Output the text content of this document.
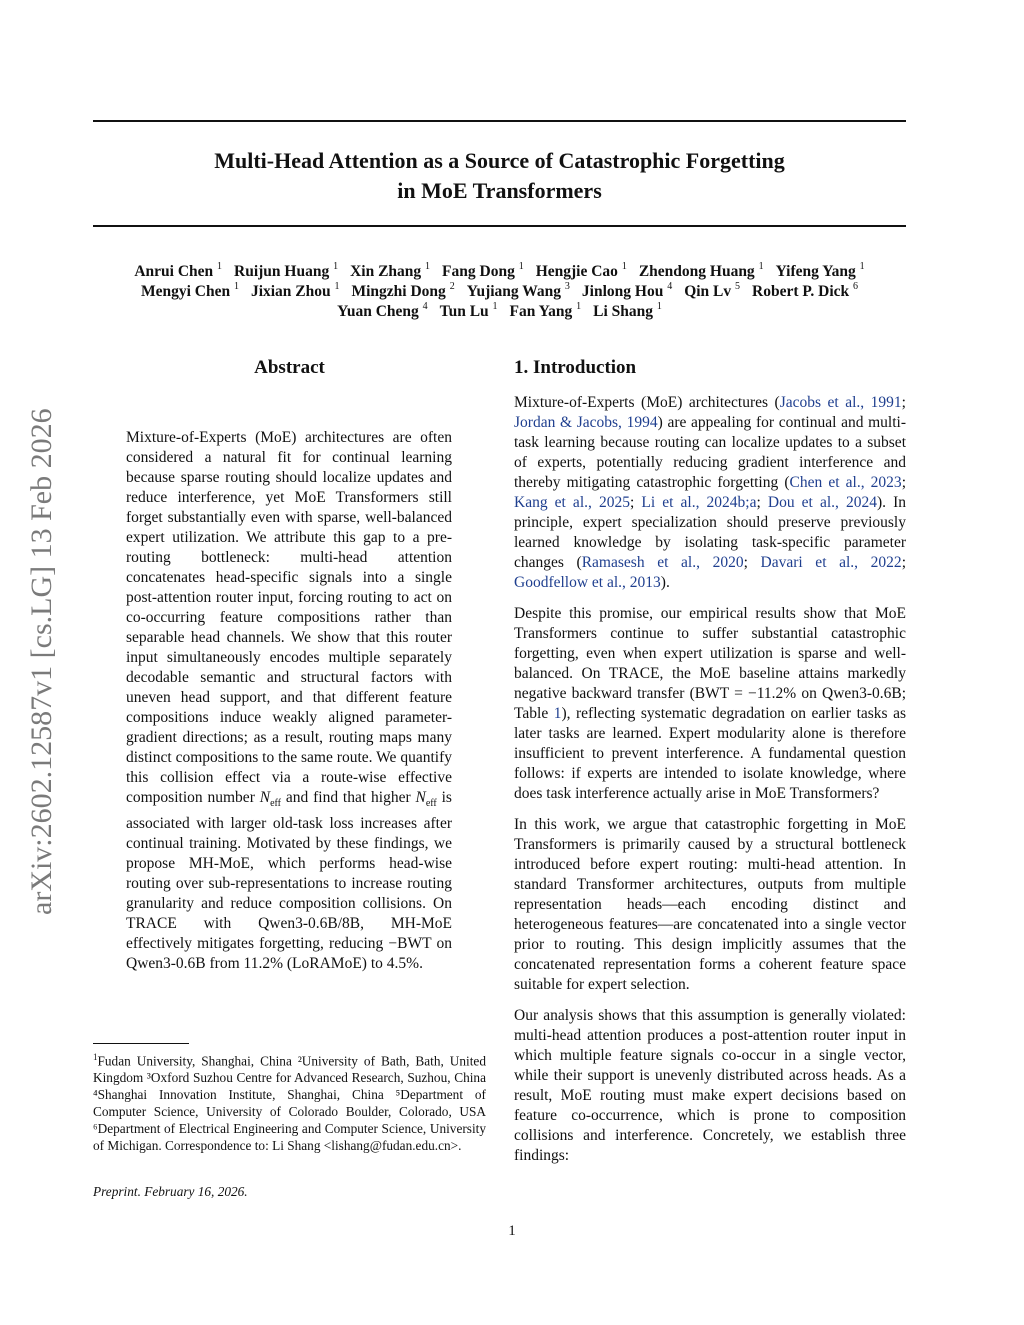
Multi-Head Attention as a Source of Catastrophic Forgetting
in MoE Transformers
Anrui Chen $^1$ Ruijun Huang $^1$ Xin Zhang $^1$ Fang Dong $^1$ Hengjie Cao $^1$ Zhendong Huang $^1$ Yifeng Yang $^1$
Mengyi Chen $^1$ Jixian Zhou $^1$ Mingzhi Dong $^2$ Yujiang Wang $^3$ Jinlong Hou $^4$ Qin Lv $^5$ Robert P. Dick $^6$
Yuan Cheng $^4$ Tun Lu $^1$ Fan Yang $^1$ Li Shang $^1$
arXiv:2602.12587v1 [cs.LG] 13 Feb 2026
Abstract
Mixture-of-Experts (MoE) architectures are often considered a natural fit for continual learning because sparse routing should localize updates and reduce interference, yet MoE Transformers still forget substantially even with sparse, well-balanced expert utilization. We attribute this gap to a pre-routing bottleneck: multi-head attention concatenates head-specific signals into a single post-attention router input, forcing routing to act on co-occurring feature compositions rather than separable head channels. We show that this router input simultaneously encodes multiple separately decodable semantic and structural factors with uneven head support, and that different feature compositions induce weakly aligned parameter-gradient directions; as a result, routing maps many distinct compositions to the same route. We quantify this collision effect via a route-wise effective composition number $N_{eff}$ and find that higher $N_{eff}$ is associated with larger old-task loss increases after continual training. Motivated by these findings, we propose MH-MoE, which performs head-wise routing over sub-representations to increase routing granularity and reduce composition collisions. On TRACE with Qwen3-0.6B/8B, MH-MoE effectively mitigates forgetting, reducing −BWT on Qwen3-0.6B from 11.2% (LoRAMoE) to 4.5%.
$^1$Fudan University, Shanghai, China ²University of Bath, Bath, United Kingdom ³Oxford Suzhou Centre for Advanced Research, Suzhou, China ⁴Shanghai Innovation Institute, Shanghai, China ⁵Department of Computer Science, University of Colorado Boulder, Colorado, USA ⁶Department of Electrical Engineering and Computer Science, University of Michigan. Correspondence to: Li Shang <lishang@fudan.edu.cn>.
Preprint. February 16, 2026.
1. Introduction

Mixture-of-Experts (MoE) architectures (Jacobs et al., 1991; Jordan & Jacobs, 1994) are appealing for continual and multi-task learning because routing can localize updates to a subset of experts, potentially reducing gradient interference and thereby mitigating catastrophic forgetting (Chen et al., 2023; Kang et al., 2025; Li et al., 2024b;a; Dou et al., 2024). In principle, expert specialization should preserve previously learned knowledge by isolating task-specific parameter changes (Ramasesh et al., 2020; Davari et al., 2022; Goodfellow et al., 2013).

Despite this promise, our empirical results show that MoE Transformers continue to suffer substantial catastrophic forgetting, even when expert utilization is sparse and well-balanced. On TRACE, the MoE baseline attains markedly negative backward transfer (BWT = −11.2% on Qwen3-0.6B; Table 1), reflecting systematic degradation on earlier tasks as later tasks are learned. Expert modularity alone is therefore insufficient to prevent interference. A fundamental question follows: if experts are intended to isolate knowledge, where does task interference actually arise in MoE Transformers?

In this work, we argue that catastrophic forgetting in MoE Transformers is primarily caused by a structural bottleneck introduced before expert routing: multi-head attention. In standard Transformer architectures, outputs from multiple representation heads—each encoding distinct and heterogeneous features—are concatenated into a single vector prior to routing. This design implicitly assumes that the concatenated representation forms a coherent feature space suitable for expert selection.

Our analysis shows that this assumption is generally violated: multi-head attention produces a post-attention router input in which multiple feature signals co-occur in a single vector, while their support is unevenly distributed across heads. As a result, MoE routing must make expert decisions based on feature co-occurrence, which is prone to composition collisions and interference. Concretely, we establish three findings:

1
